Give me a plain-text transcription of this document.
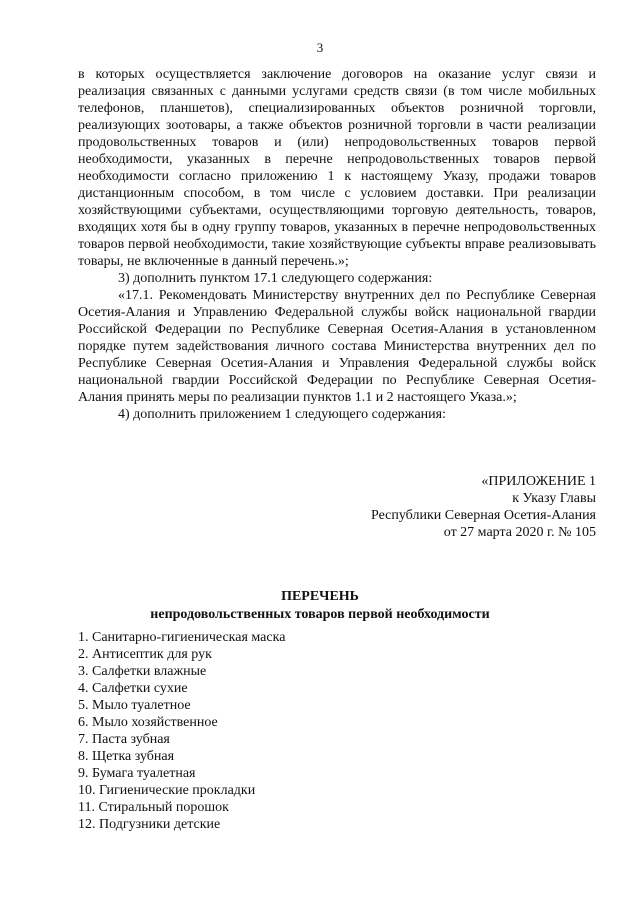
3

в которых осуществляется заключение договоров на оказание услуг связи и реализация связанных с данными услугами средств связи (в том числе мобильных телефонов, планшетов), специализированных объектов розничной торговли, реализующих зоотовары, а также объектов розничной торговли в части реализации продовольственных товаров и (или) непродовольственных товаров первой необходимости, указанных в перечне непродовольственных товаров первой необходимости согласно приложению 1 к настоящему Указу, продажи товаров дистанционным способом, в том числе с условием доставки. При реализации хозяйствующими субъектами, осуществляющими торговую деятельность, товаров, входящих хотя бы в одну группу товаров, указанных в перечне непродовольственных товаров первой необходимости, такие хозяйствующие субъекты вправе реализовывать товары, не включенные в данный перечень.»;

3) дополнить пунктом 17.1 следующего содержания:

«17.1. Рекомендовать Министерству внутренних дел по Республике Северная Осетия-Алания и Управлению Федеральной службы войск национальной гвардии Российской Федерации по Республике Северная Осетия-Алания в установленном порядке путем задействования личного состава Министерства внутренних дел по Республике Северная Осетия-Алания и Управления Федеральной службы войск национальной гвардии Российской Федерации по Республике Северная Осетия-Алания принять меры по реализации пунктов 1.1 и 2 настоящего Указа.»;

4) дополнить приложением 1 следующего содержания:

«ПРИЛОЖЕНИЕ 1
к Указу Главы
Республики Северная Осетия-Алания
от 27 марта 2020 г. № 105
ПЕРЕЧЕНЬ
непродовольственных товаров первой необходимости
1. Санитарно-гигиеническая маска
2. Антисептик для рук
3. Салфетки влажные
4. Салфетки сухие
5. Мыло туалетное
6. Мыло хозяйственное
7. Паста зубная
8. Щетка зубная
9. Бумага туалетная
10. Гигиенические прокладки
11. Стиральный порошок
12. Подгузники детские
